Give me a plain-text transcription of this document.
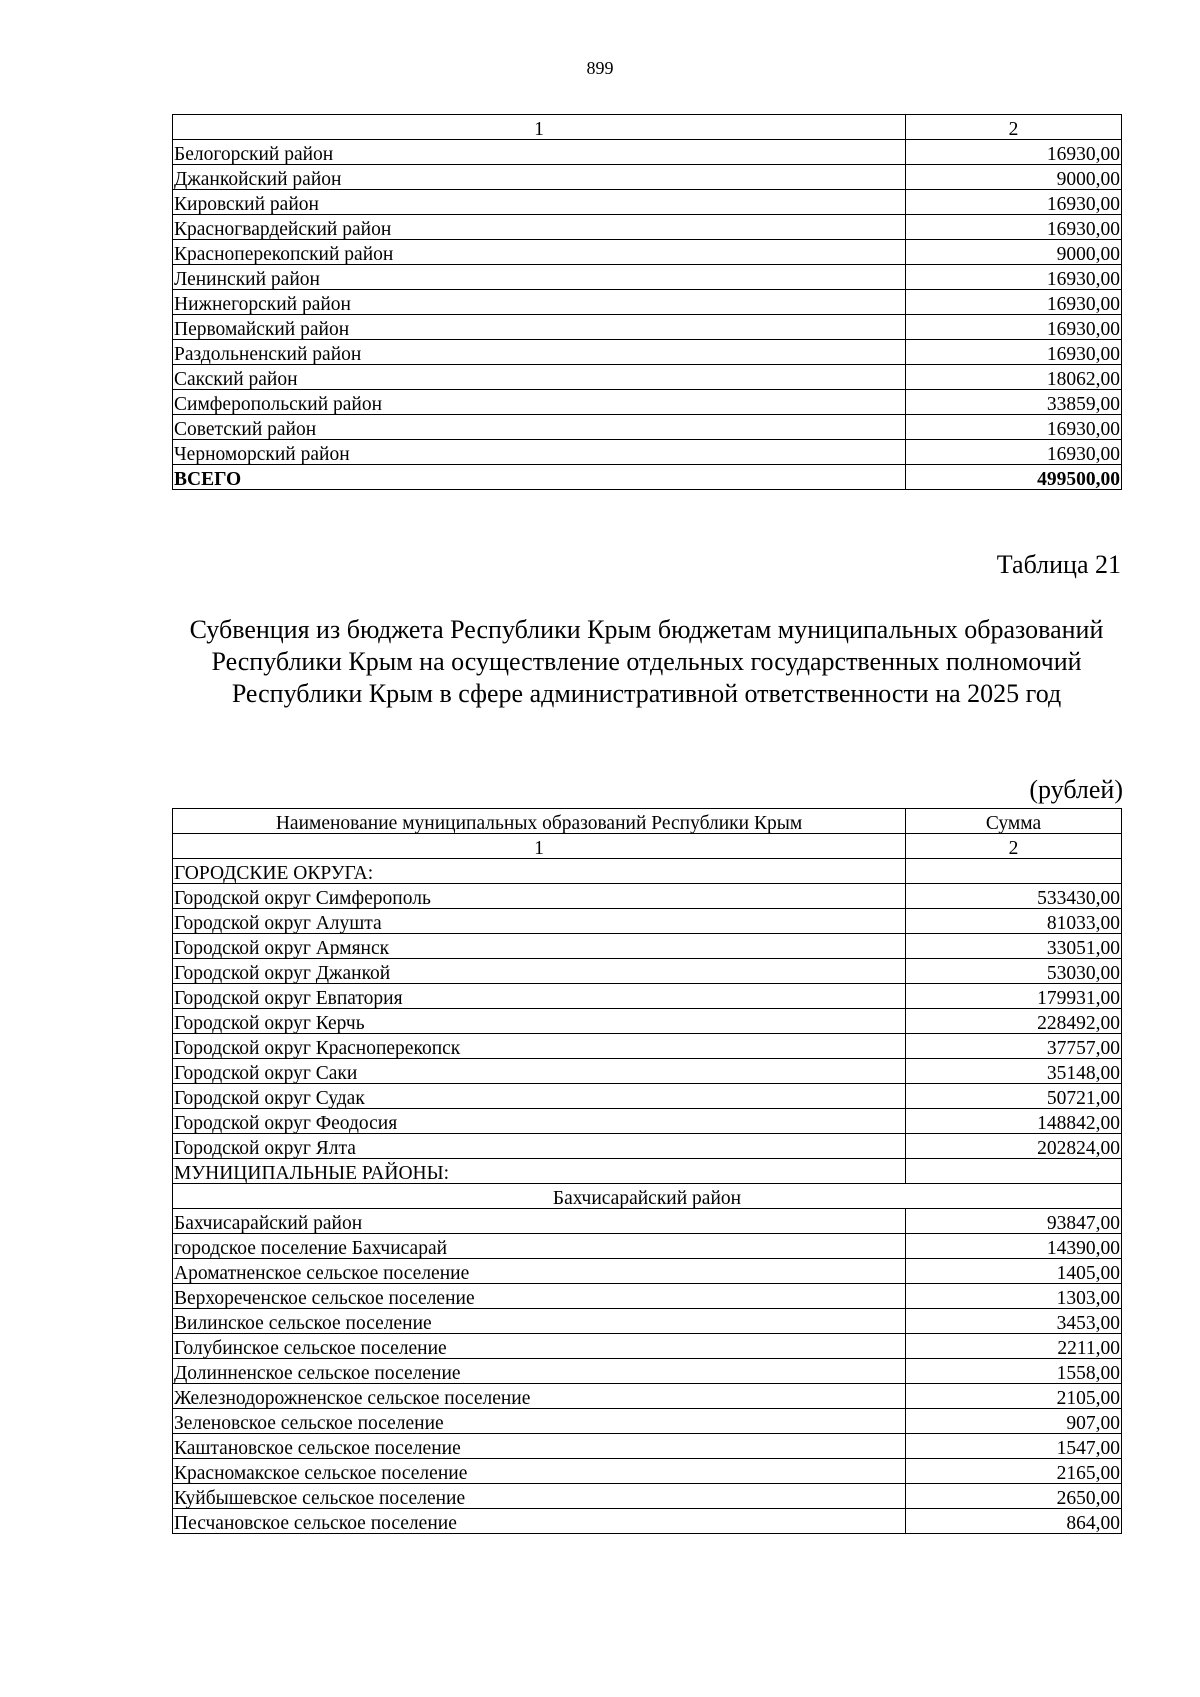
899
1	2
Белогорский район	16930,00
Джанкойский район	9000,00
Кировский район	16930,00
Красногвардейский район	16930,00
Красноперекопский район	9000,00
Ленинский район	16930,00
Нижнегорский район	16930,00
Первомайский район	16930,00
Раздольненский район	16930,00
Сакский район	18062,00
Симферопольский район	33859,00
Советский район	16930,00
Черноморский район	16930,00
ВСЕГО	499500,00
Таблица 21
Субвенция из бюджета Республики Крым бюджетам муниципальных образований Республики Крым на осуществление отдельных государственных полномочий Республики Крым в сфере административной ответственности на 2025 год
(рублей)
Наименование муниципальных образований Республики Крым	Сумма
1	2
ГОРОДСКИЕ ОКРУГА:	
Городской округ Симферополь	533430,00
Городской округ Алушта	81033,00
Городской округ Армянск	33051,00
Городской округ Джанкой	53030,00
Городской округ Евпатория	179931,00
Городской округ Керчь	228492,00
Городской округ Красноперекопск	37757,00
Городской округ Саки	35148,00
Городской округ Судак	50721,00
Городской округ Феодосия	148842,00
Городской округ Ялта	202824,00
МУНИЦИПАЛЬНЫЕ РАЙОНЫ:	
Бахчисарайский район	
Бахчисарайский район	93847,00
городское поселение Бахчисарай	14390,00
Ароматненское сельское поселение	1405,00
Верхореченское сельское поселение	1303,00
Вилинское сельское поселение	3453,00
Голубинское сельское поселение	2211,00
Долинненское сельское поселение	1558,00
Железнодорожненское сельское поселение	2105,00
Зеленовское сельское поселение	907,00
Каштановское сельское поселение	1547,00
Красномакское сельское поселение	2165,00
Куйбышевское сельское поселение	2650,00
Песчановское сельское поселение	864,00
